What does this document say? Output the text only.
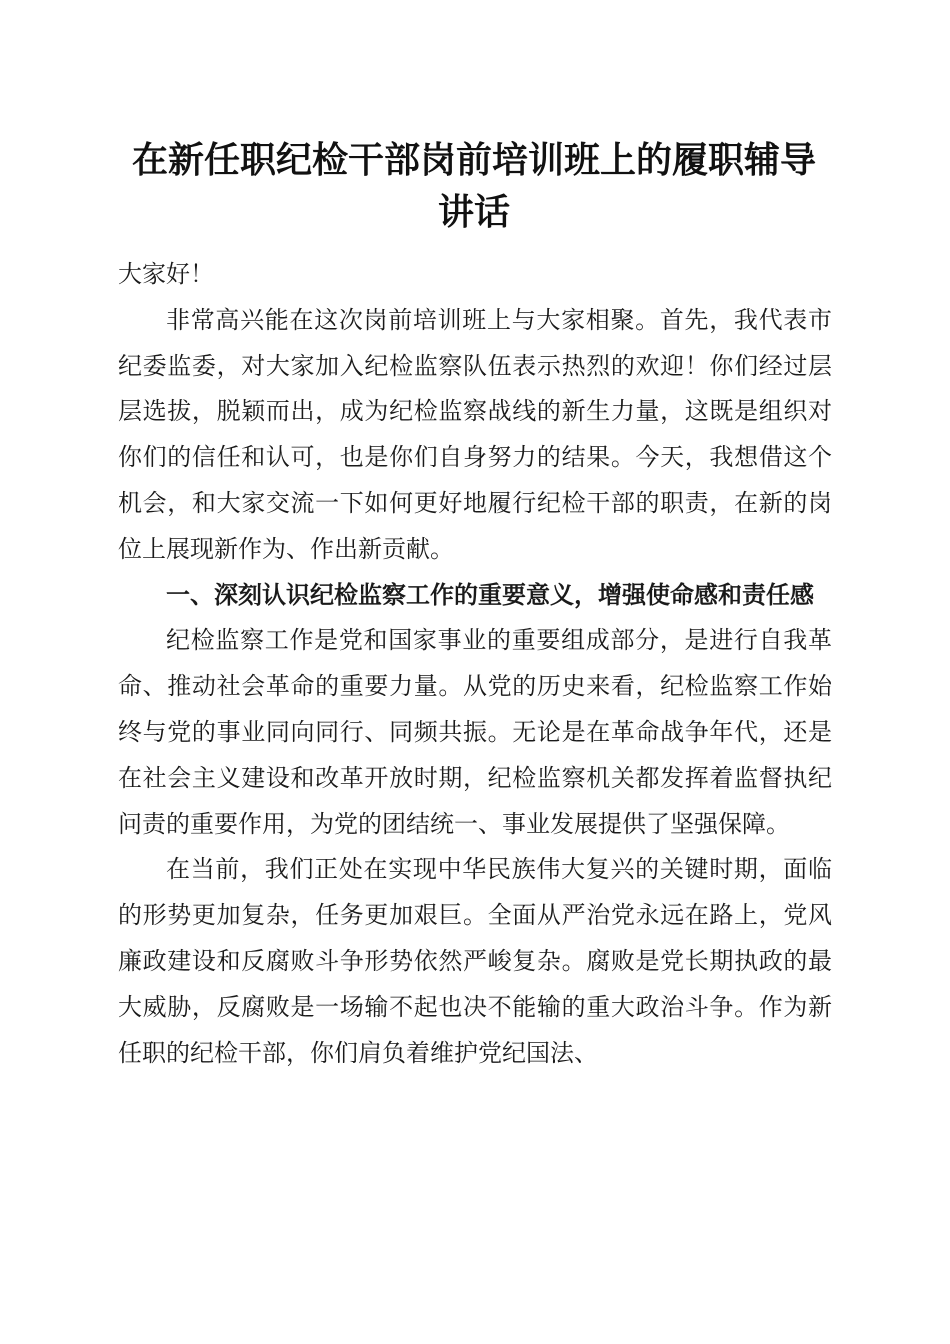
在新任职纪检干部岗前培训班上的履职辅导讲话

大家好！

非常高兴能在这次岗前培训班上与大家相聚。首先，我代表市纪委监委，对大家加入纪检监察队伍表示热烈的欢迎！你们经过层层选拔，脱颖而出，成为纪检监察战线的新生力量，这既是组织对你们的信任和认可，也是你们自身努力的结果。今天，我想借这个机会，和大家交流一下如何更好地履行纪检干部的职责，在新的岗位上展现新作为、作出新贡献。

一、深刻认识纪检监察工作的重要意义，增强使命感和责任感

纪检监察工作是党和国家事业的重要组成部分，是进行自我革命、推动社会革命的重要力量。从党的历史来看，纪检监察工作始终与党的事业同向同行、同频共振。无论是在革命战争年代，还是在社会主义建设和改革开放时期，纪检监察机关都发挥着监督执纪问责的重要作用，为党的团结统一、事业发展提供了坚强保障。

在当前，我们正处在实现中华民族伟大复兴的关键时期，面临的形势更加复杂，任务更加艰巨。全面从严治党永远在路上，党风廉政建设和反腐败斗争形势依然严峻复杂。腐败是党长期执政的最大威胁，反腐败是一场输不起也决不能输的重大政治斗争。作为新任职的纪检干部，你们肩负着维护党纪国法、
